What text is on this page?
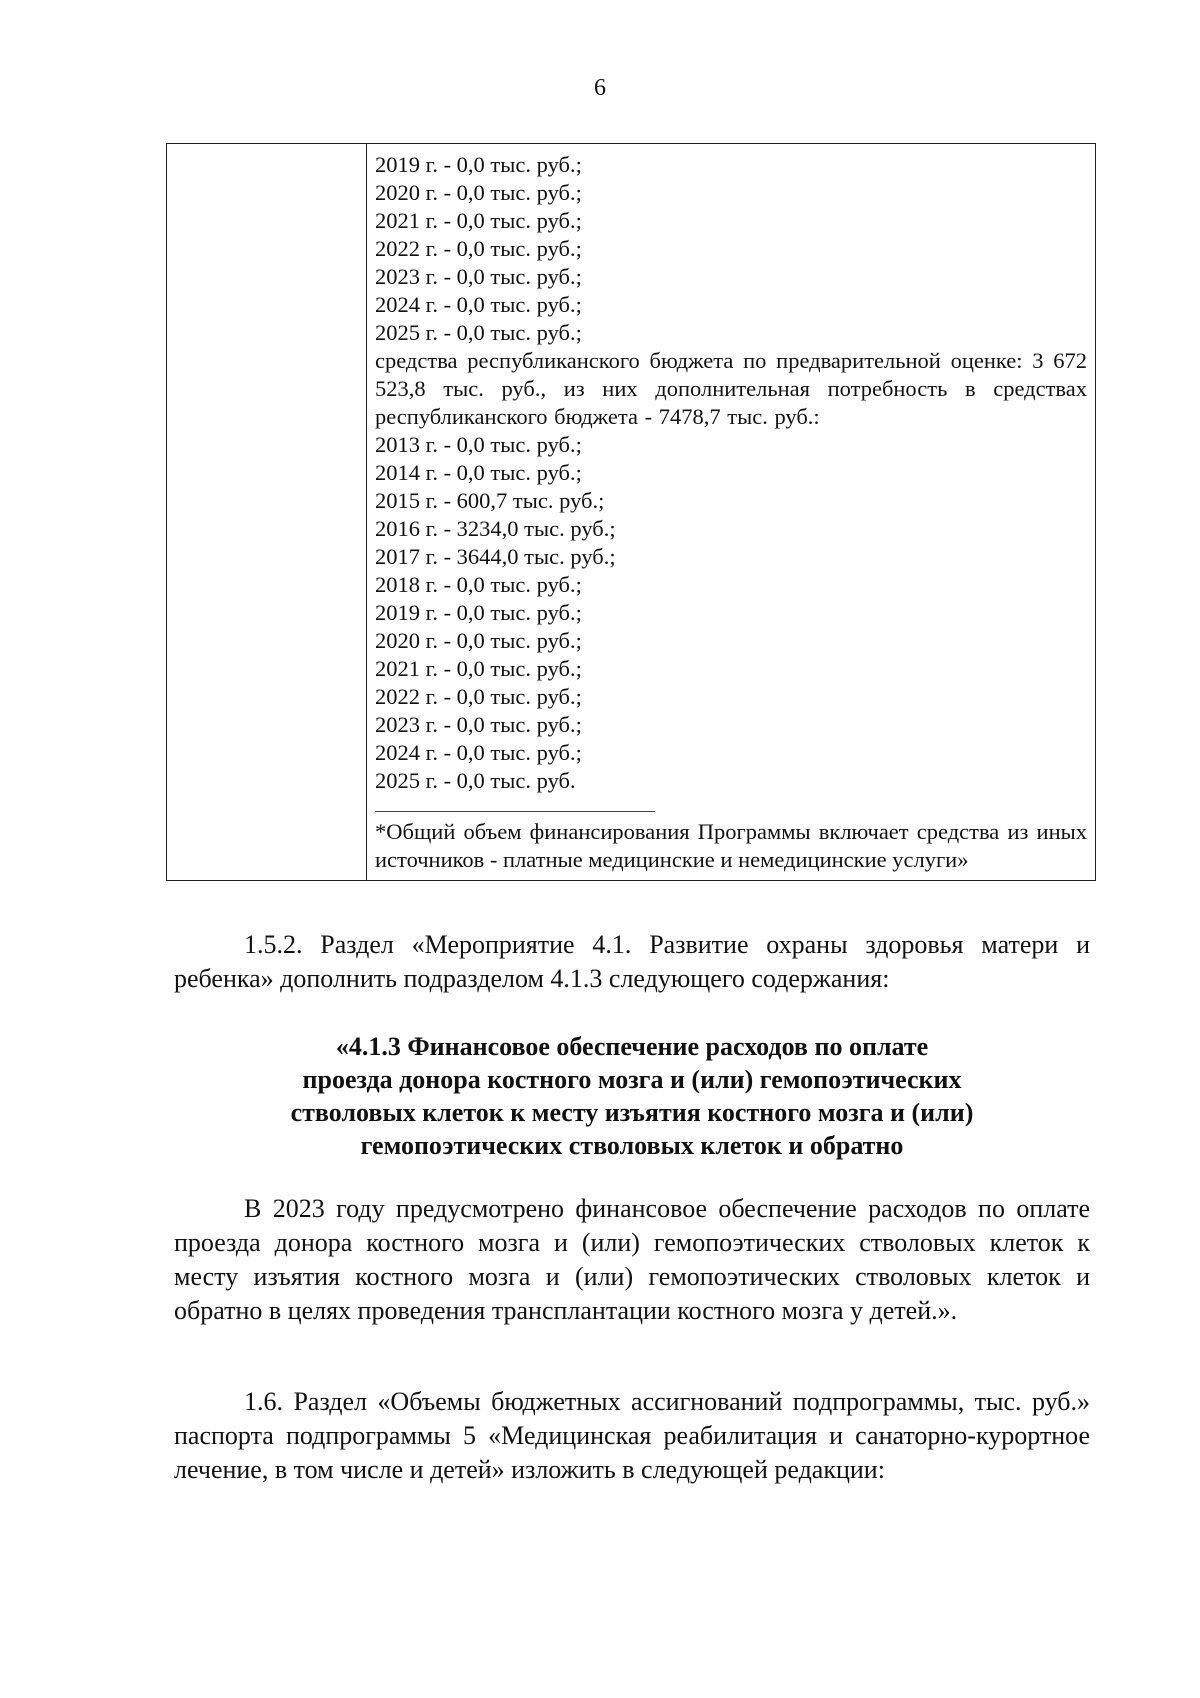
6

2019 г. - 0,0 тыс. руб.;
2020 г. - 0,0 тыс. руб.;
2021 г. - 0,0 тыс. руб.;
2022 г. - 0,0 тыс. руб.;
2023 г. - 0,0 тыс. руб.;
2024 г. - 0,0 тыс. руб.;
2025 г. - 0,0 тыс. руб.;
средства республиканского бюджета по предварительной оценке: 3 672 523,8 тыс. руб., из них дополнительная потребность в средствах республиканского бюджета - 7478,7 тыс. руб.:
2013 г. - 0,0 тыс. руб.;
2014 г. - 0,0 тыс. руб.;
2015 г. - 600,7 тыс. руб.;
2016 г. - 3234,0 тыс. руб.;
2017 г. - 3644,0 тыс. руб.;
2018 г. - 0,0 тыс. руб.;
2019 г. - 0,0 тыс. руб.;
2020 г. - 0,0 тыс. руб.;
2021 г. - 0,0 тыс. руб.;
2022 г. - 0,0 тыс. руб.;
2023 г. - 0,0 тыс. руб.;
2024 г. - 0,0 тыс. руб.;
2025 г. - 0,0 тыс. руб.
*Общий объем финансирования Программы включает средства из иных источников - платные медицинские и немедицинские услуги»
1.5.2. Раздел «Мероприятие 4.1. Развитие охраны здоровья матери и ребенка» дополнить подразделом 4.1.3 следующего содержания:
«4.1.3 Финансовое обеспечение расходов по оплате
проезда донора костного мозга и (или) гемопоэтических
стволовых клеток к месту изъятия костного мозга и (или)
гемопоэтических стволовых клеток и обратно
В 2023 году предусмотрено финансовое обеспечение расходов по оплате проезда донора костного мозга и (или) гемопоэтических стволовых клеток к месту изъятия костного мозга и (или) гемопоэтических стволовых клеток и обратно в целях проведения трансплантации костного мозга у детей.».
1.6. Раздел «Объемы бюджетных ассигнований подпрограммы, тыс. руб.» паспорта подпрограммы 5 «Медицинская реабилитация и санаторно-курортное лечение, в том числе и детей» изложить в следующей редакции:
